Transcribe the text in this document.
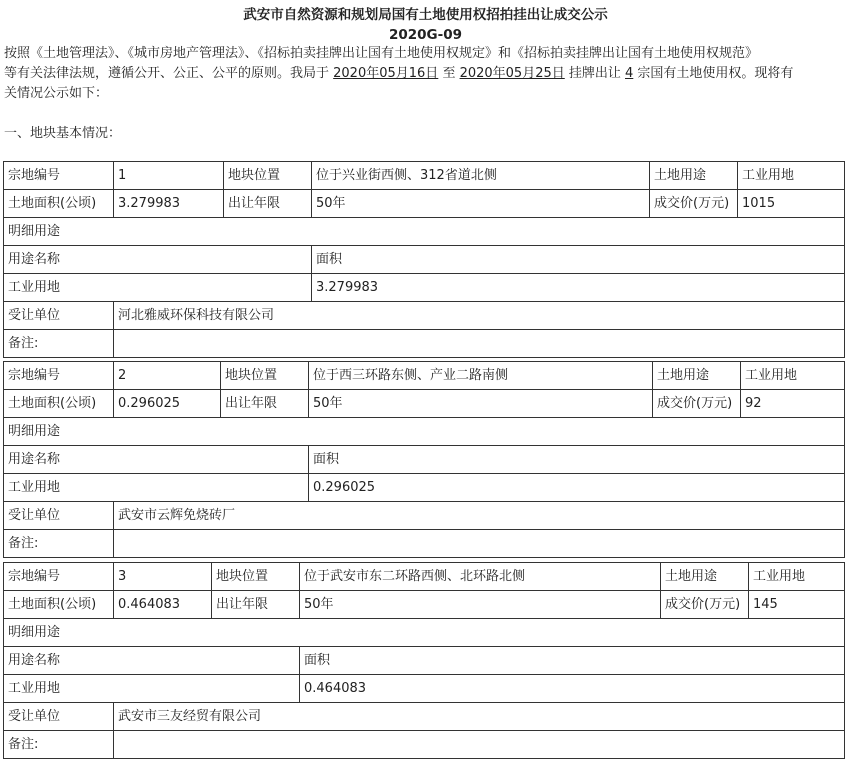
武安市自然资源和规划局国有土地使用权招拍挂出让成交公示
2020G-09
按照《土地管理法》、《城市房地产管理法》、《招标拍卖挂牌出让国有土地使用权规定》和《招标拍卖挂牌出让国有土地使用权规范》
等有关法律法规，遵循公开、公正、公平的原则。我局于 2020年05月16日 至 2020年05月25日 挂牌出让 4 宗国有土地使用权。现将有
关情况公示如下：
一、地块基本情况：
宗地编号	1	地块位置	位于兴业街西侧、312省道北侧	土地用途	工业用地
土地面积(公顷)	3.279983	出让年限	50年	成交价(万元)	1015
明细用途					
用途名称			面积		
工业用地			3.279983		
受让单位	河北雅威环保科技有限公司				
备注:					
宗地编号	2	地块位置	位于西三环路东侧、产业二路南侧	土地用途	工业用地
土地面积(公顷)	0.296025	出让年限	50年	成交价(万元)	92
明细用途					
用途名称			面积		
工业用地			0.296025		
受让单位	武安市云辉免烧砖厂				
备注:					
宗地编号	3	地块位置	位于武安市东二环路西侧、北环路北侧	土地用途	工业用地
土地面积(公顷)	0.464083	出让年限	50年	成交价(万元)	145
明细用途					
用途名称			面积		
工业用地			0.464083		
受让单位	武安市三友经贸有限公司				
备注:					
